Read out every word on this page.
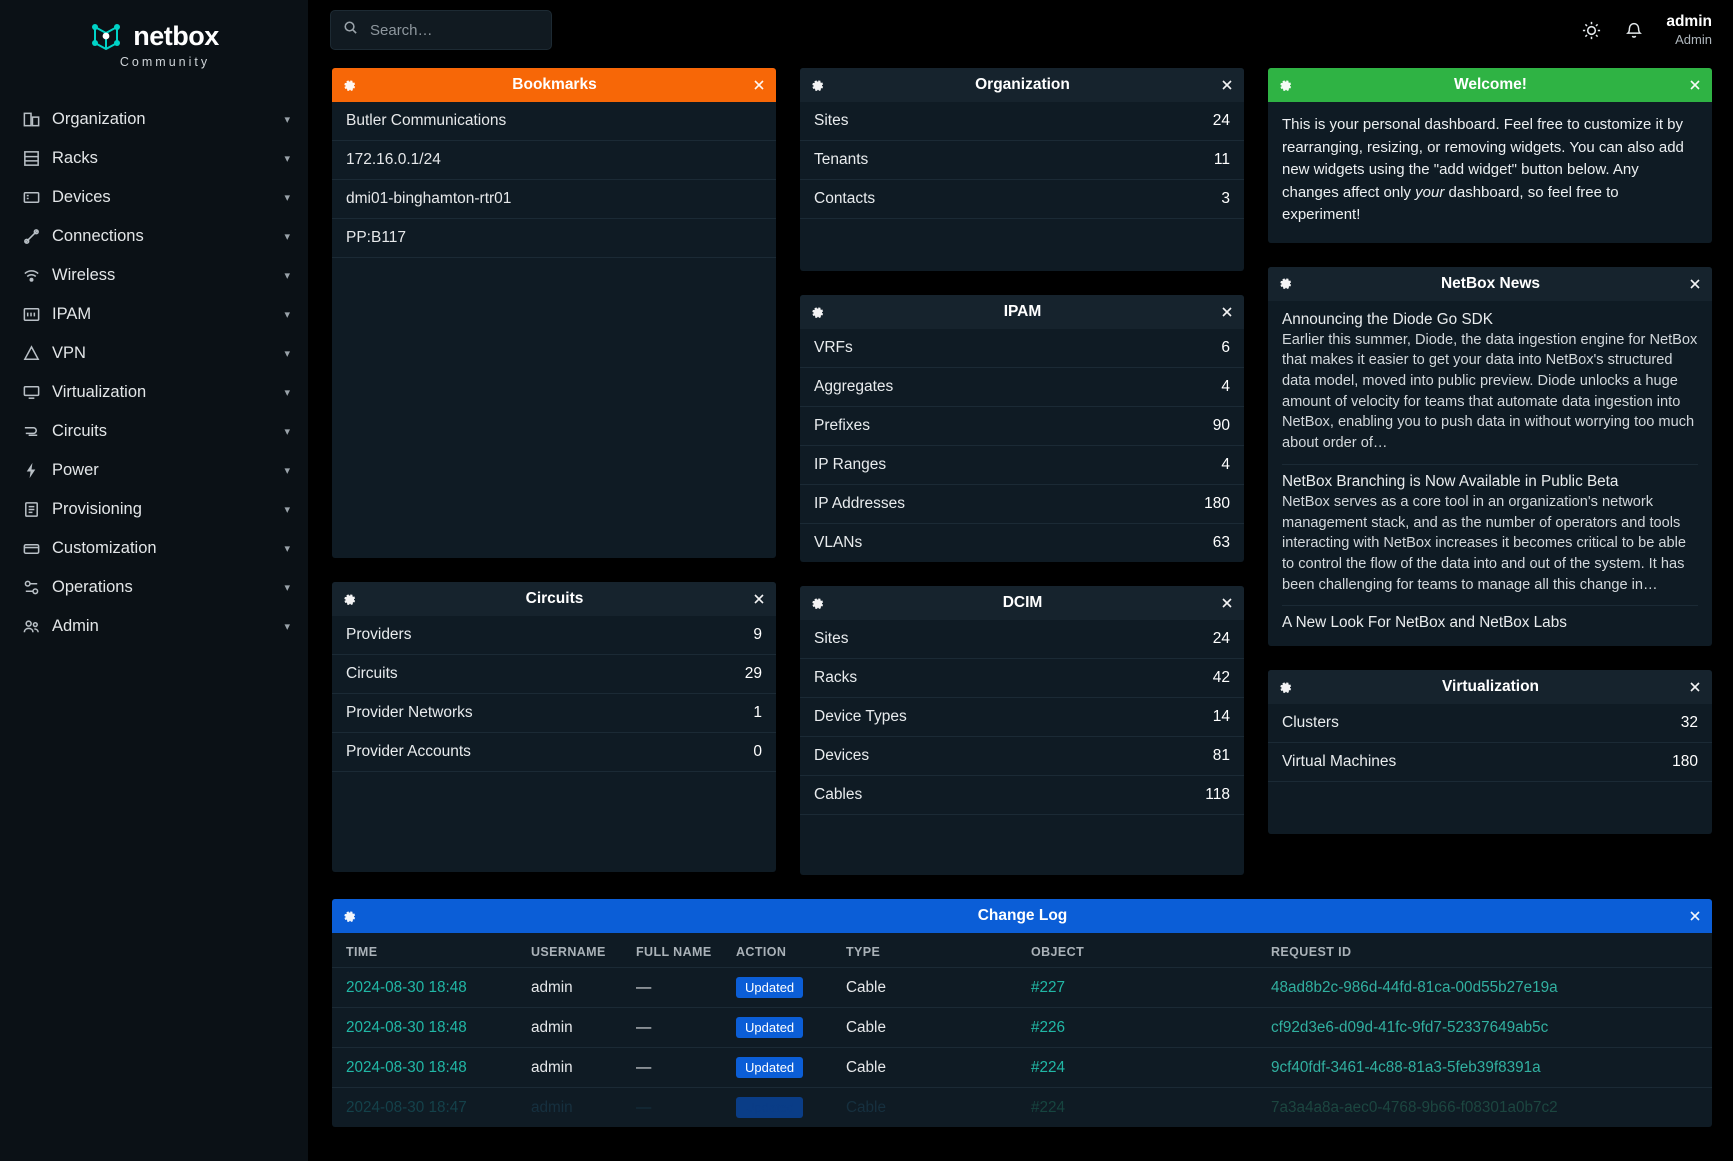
netbox
Community
Organization	▾
Racks	▾
Devices	▾
Connections	▾
Wireless	▾
IPAM	▾
VPN	▾
Virtualization	▾
Circuits	▾
Power	▾
Provisioning	▾
Customization	▾
Operations	▾
Admin	▾
Search…
admin
Admin
Bookmarks
Butler Communications
172.16.0.1/24
dmi01-binghamton-rtr01
PP:B117
Circuits
Providers	9
Circuits	29
Provider Networks	1
Provider Accounts	0
Organization
Sites	24
Tenants	11
Contacts	3
IPAM
VRFs	6
Aggregates	4
Prefixes	90
IP Ranges	4
IP Addresses	180
VLANs	63
DCIM
Sites	24
Racks	42
Device Types	14
Devices	81
Cables	118
Welcome!
This is your personal dashboard. Feel free to customize it by rearranging, resizing, or removing widgets. You can also add new widgets using the "add widget" button below. Any changes affect only your dashboard, so feel free to experiment!
NetBox News
Announcing the Diode Go SDK
Earlier this summer, Diode, the data ingestion engine for NetBox that makes it easier to get your data into NetBox's structured data model, moved into public preview. Diode unlocks a huge amount of velocity for teams that automate data ingestion into NetBox, enabling you to push data in without worrying too much about order of…
NetBox Branching is Now Available in Public Beta
NetBox serves as a core tool in an organization's network management stack, and as the number of operators and tools interacting with NetBox increases it becomes critical to be able to control the flow of the data into and out of the system. It has been challenging for teams to manage all this change in…
A New Look For NetBox and NetBox Labs
Virtualization
Clusters	32
Virtual Machines	180
Change Log
TIME	USERNAME	FULL NAME	ACTION	TYPE	OBJECT	REQUEST ID
2024-08-30 18:48	admin	—	Updated	Cable	#227	48ad8b2c-986d-44fd-81ca-00d55b27e19a
2024-08-30 18:48	admin	—	Updated	Cable	#226	cf92d3e6-d09d-41fc-9fd7-52337649ab5c
2024-08-30 18:48	admin	—	Updated	Cable	#224	9cf40fdf-3461-4c88-81a3-5feb39f8391a
2024-08-30 18:47	admin	—	Updated	Cable	#224	7a3a4a8a-aec0-4768-9b66-f08301a0b7c2
